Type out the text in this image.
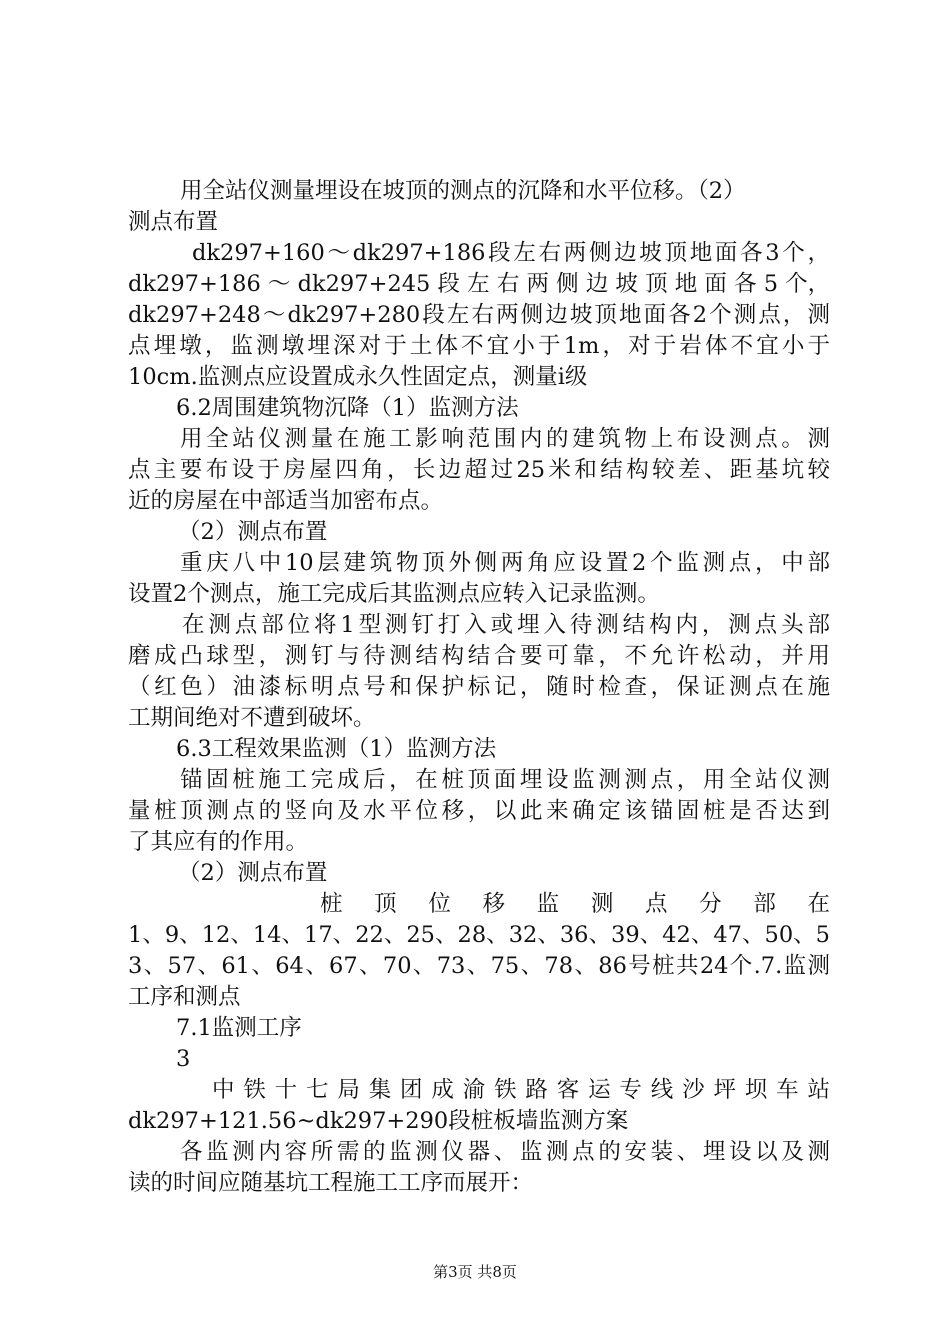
用全站仪测量埋设在坡顶的测点的沉降和水平位移。（2）
测点布置
dk297+160～dk297+186段左右两侧边坡顶地面各3个，
dk297+186 ～ dk297+245 段 左 右 两 侧 边 坡 顶 地 面 各 5 个，
dk297+248～dk297+280段左右两侧边坡顶地面各2个测点，测
点埋墩，监测墩埋深对于土体不宜小于1m，对于岩体不宜小于
10cm.监测点应设置成永久性固定点，测量i级
6.2周围建筑物沉降（1）监测方法
用全站仪测量在施工影响范围内的建筑物上布设测点。测
点主要布设于房屋四角，长边超过25米和结构较差、距基坑较
近的房屋在中部适当加密布点。
（2）测点布置
重庆八中10层建筑物顶外侧两角应设置2个监测点，中部
设置2个测点，施工完成后其监测点应转入记录监测。
在测点部位将1型测钉打入或埋入待测结构内，测点头部
磨成凸球型，测钉与待测结构结合要可靠，不允许松动，并用
（红色）油漆标明点号和保护标记，随时检查，保证测点在施
工期间绝对不遭到破坏。
6.3工程效果监测（1）监测方法
锚固桩施工完成后，在桩顶面埋设监测测点，用全站仪测
量桩顶测点的竖向及水平位移，以此来确定该锚固桩是否达到
了其应有的作用。
（2）测点布置
桩 顶 位 移 监 测 点 分 部 在
1、9、12、14、17、22、25、28、32、36、39、42、47、50、5
3、57、61、64、67、70、73、75、78、86号桩共24个.7.监测
工序和测点
7.1监测工序
3
中 铁 十 七 局 集 团 成 渝 铁 路 客 运 专 线 沙 坪 坝 车 站
dk297+121.56~dk297+290段桩板墙监测方案
各监测内容所需的监测仪器、监测点的安装、埋设以及测
读的时间应随基坑工程施工工序而展开：
第3页 共8页
